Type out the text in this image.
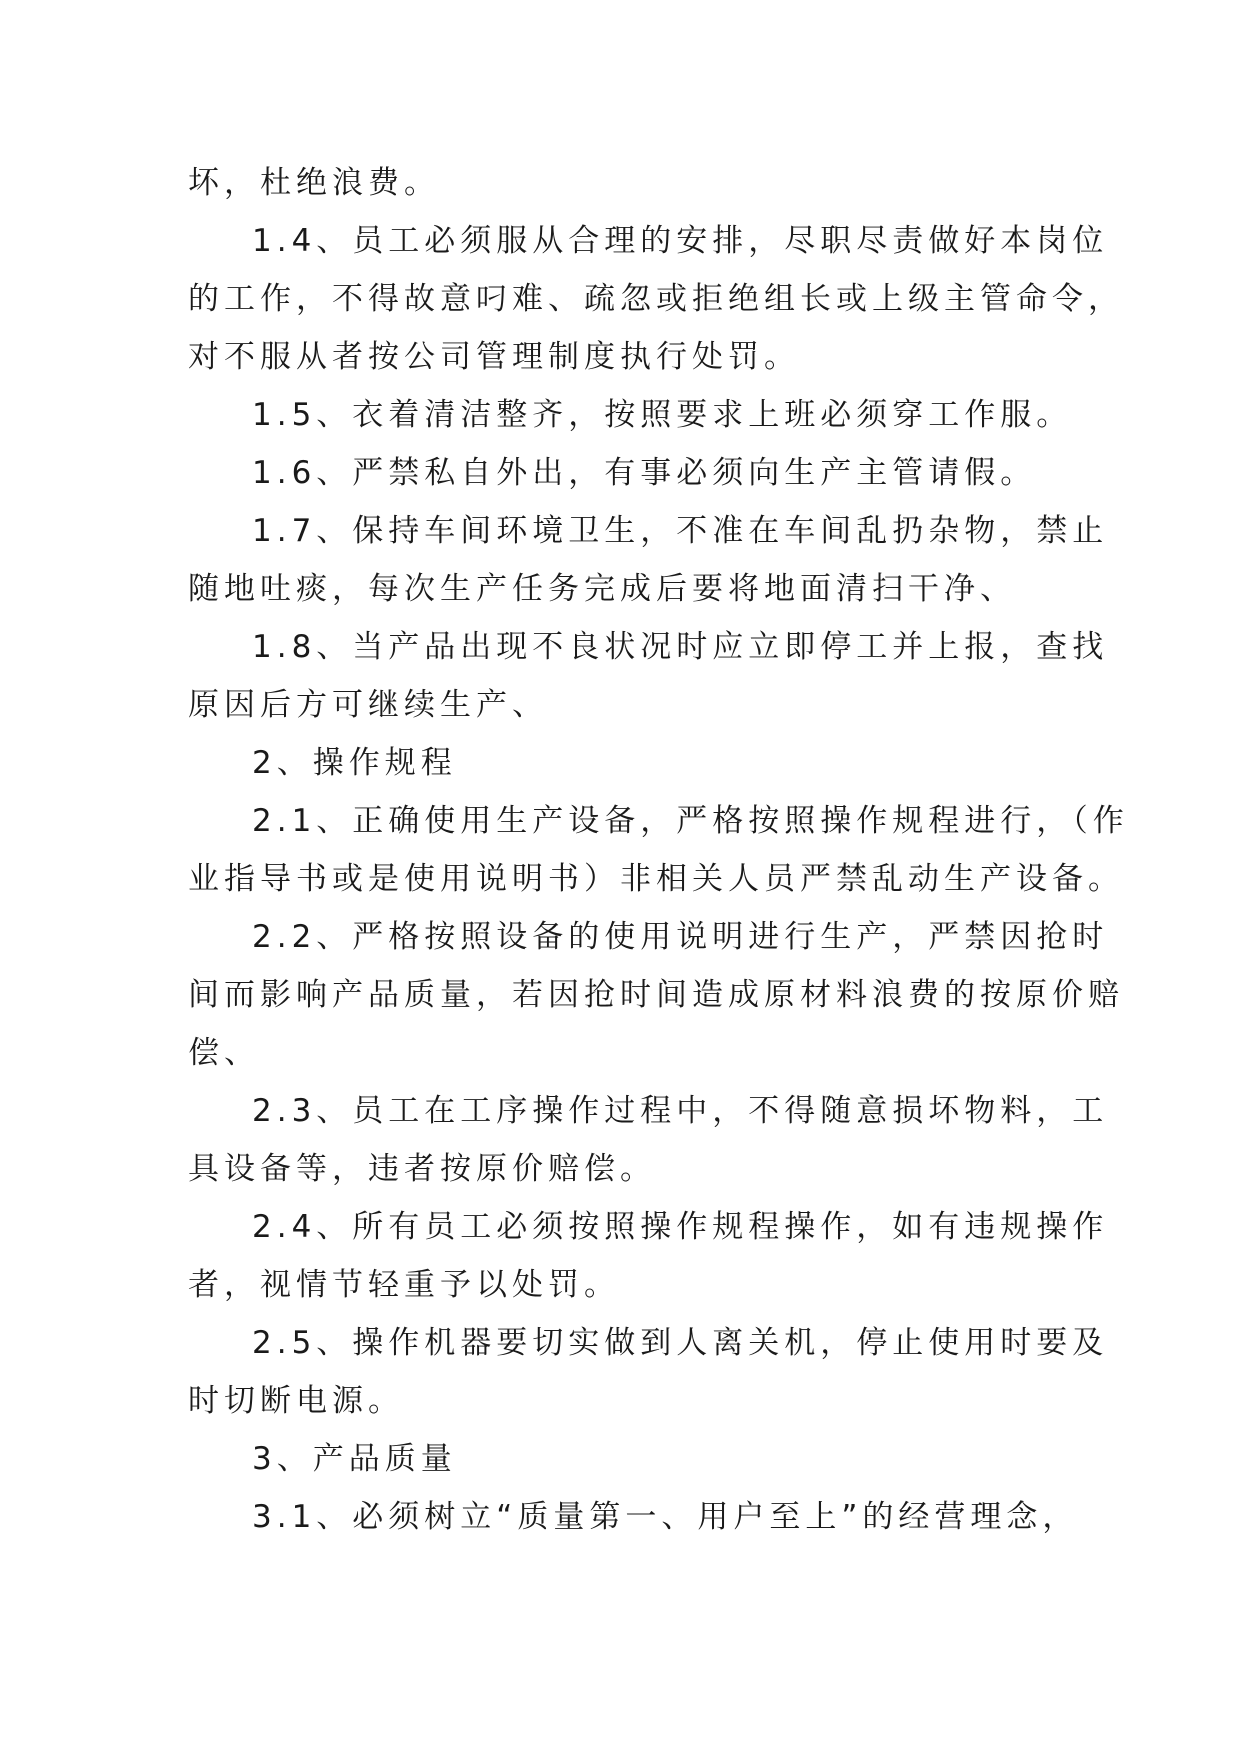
坏，杜绝浪费。
1.4、员工必须服从合理的安排，尽职尽责做好本岗位
的工作，不得故意叼难、疏忽或拒绝组长或上级主管命令，
对不服从者按公司管理制度执行处罚。
1.5、衣着清洁整齐，按照要求上班必须穿工作服。
1.6、严禁私自外出，有事必须向生产主管请假。
1.7、保持车间环境卫生，不准在车间乱扔杂物，禁止
随地吐痰，每次生产任务完成后要将地面清扫干净、
1.8、当产品出现不良状况时应立即停工并上报，查找
原因后方可继续生产、
2、操作规程
2.1、正确使用生产设备，严格按照操作规程进行，（作
业指导书或是使用说明书）非相关人员严禁乱动生产设备。
2.2、严格按照设备的使用说明进行生产，严禁因抢时
间而影响产品质量，若因抢时间造成原材料浪费的按原价赔
偿、
2.3、员工在工序操作过程中，不得随意损坏物料，工
具设备等，违者按原价赔偿。
2.4、所有员工必须按照操作规程操作，如有违规操作
者，视情节轻重予以处罚。
2.5、操作机器要切实做到人离关机，停止使用时要及
时切断电源。
3、产品质量
3.1、必须树立“质量第一、用户至上”的经营理念，
